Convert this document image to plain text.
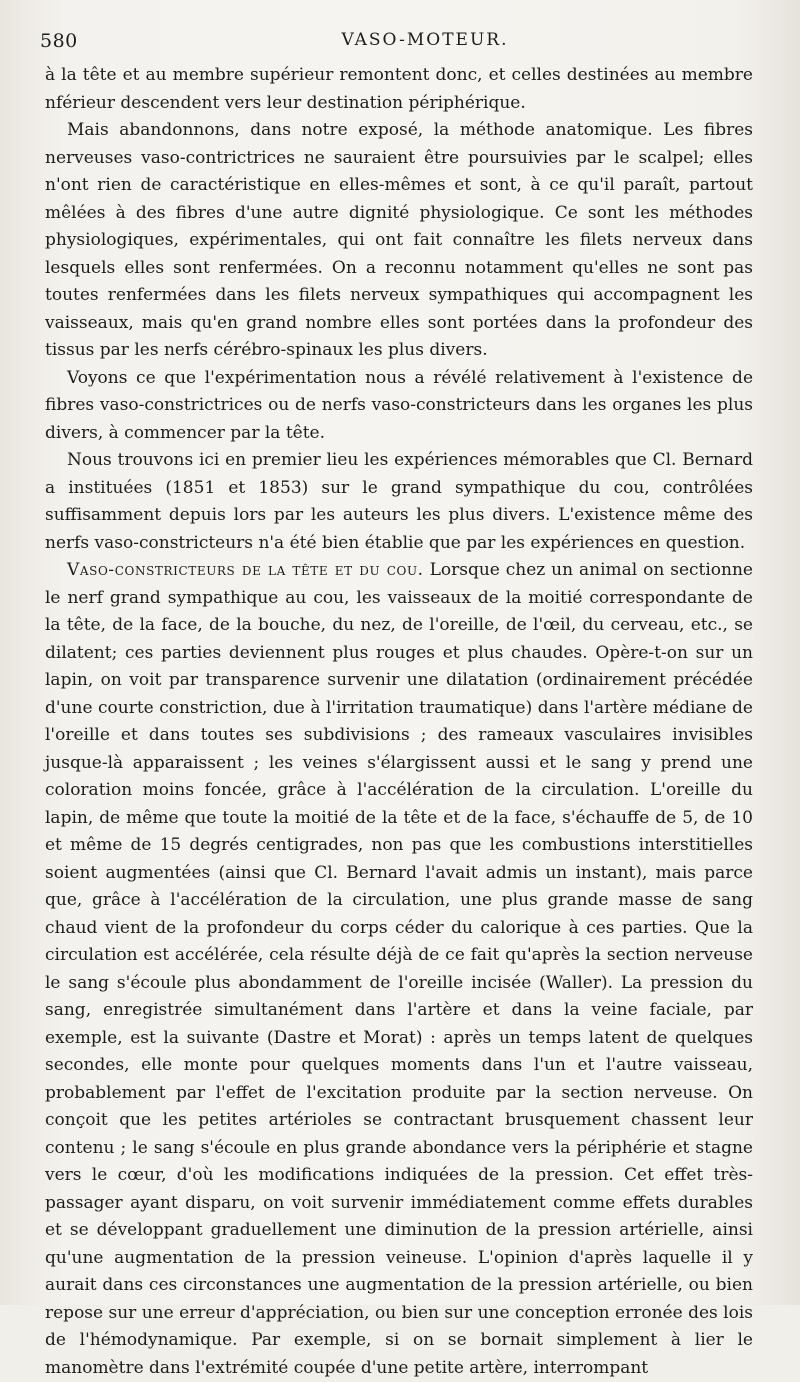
580	VASO-MOTEUR.

à la tête et au membre supérieur remontent donc, et celles destinées au membre nférieur descendent vers leur destination périphérique.

Mais abandonnons, dans notre exposé, la méthode anatomique. Les fibres nerveuses vaso-contrictrices ne sauraient être poursuivies par le scalpel; elles n'ont rien de caractéristique en elles-mêmes et sont, à ce qu'il paraît, partout mêlées à des fibres d'une autre dignité physiologique. Ce sont les méthodes physiologiques, expérimentales, qui ont fait connaître les filets nerveux dans lesquels elles sont renfermées. On a reconnu notamment qu'elles ne sont pas toutes renfermées dans les filets nerveux sympathiques qui accompagnent les vaisseaux, mais qu'en grand nombre elles sont portées dans la profondeur des tissus par les nerfs cérébro-spinaux les plus divers.

Voyons ce que l'expérimentation nous a révélé relativement à l'existence de fibres vaso-constrictrices ou de nerfs vaso-constricteurs dans les organes les plus divers, à commencer par la tête.

Nous trouvons ici en premier lieu les expériences mémorables que Cl. Bernard a instituées (1851 et 1853) sur le grand sympathique du cou, contrôlées suffisamment depuis lors par les auteurs les plus divers. L'existence même des nerfs vaso-constricteurs n'a été bien établie que par les expériences en question.

Vaso-constricteurs de la tête et du cou. Lorsque chez un animal on sectionne le nerf grand sympathique au cou, les vaisseaux de la moitié correspondante de la tête, de la face, de la bouche, du nez, de l'oreille, de l'œil, du cerveau, etc., se dilatent; ces parties deviennent plus rouges et plus chaudes. Opère-t-on sur un lapin, on voit par transparence survenir une dilatation (ordinairement précédée d'une courte constriction, due à l'irritation traumatique) dans l'artère médiane de l'oreille et dans toutes ses subdivisions ; des rameaux vasculaires invisibles jusque-là apparaissent ; les veines s'élargissent aussi et le sang y prend une coloration moins foncée, grâce à l'accélération de la circulation. L'oreille du lapin, de même que toute la moitié de la tête et de la face, s'échauffe de 5, de 10 et même de 15 degrés centigrades, non pas que les combustions interstitielles soient augmentées (ainsi que Cl. Bernard l'avait admis un instant), mais parce que, grâce à l'accélération de la circulation, une plus grande masse de sang chaud vient de la profondeur du corps céder du calorique à ces parties. Que la circulation est accélérée, cela résulte déjà de ce fait qu'après la section nerveuse le sang s'écoule plus abondamment de l'oreille incisée (Waller). La pression du sang, enregistrée simultanément dans l'artère et dans la veine faciale, par exemple, est la suivante (Dastre et Morat) : après un temps latent de quelques secondes, elle monte pour quelques moments dans l'un et l'autre vaisseau, probablement par l'effet de l'excitation produite par la section nerveuse. On conçoit que les petites artérioles se contractant brusquement chassent leur contenu ; le sang s'écoule en plus grande abondance vers la périphérie et stagne vers le cœur, d'où les modifications indiquées de la pression. Cet effet très-passager ayant disparu, on voit survenir immédiatement comme effets durables et se développant graduellement une diminution de la pression artérielle, ainsi qu'une augmentation de la pression veineuse. L'opinion d'après laquelle il y aurait dans ces circonstances une augmentation de la pression artérielle, ou bien repose sur une erreur d'appréciation, ou bien sur une conception erronée des lois de l'hémodynamique. Par exemple, si on se bornait simplement à lier le manomètre dans l'extrémité coupée d'une petite artère, interrompant
